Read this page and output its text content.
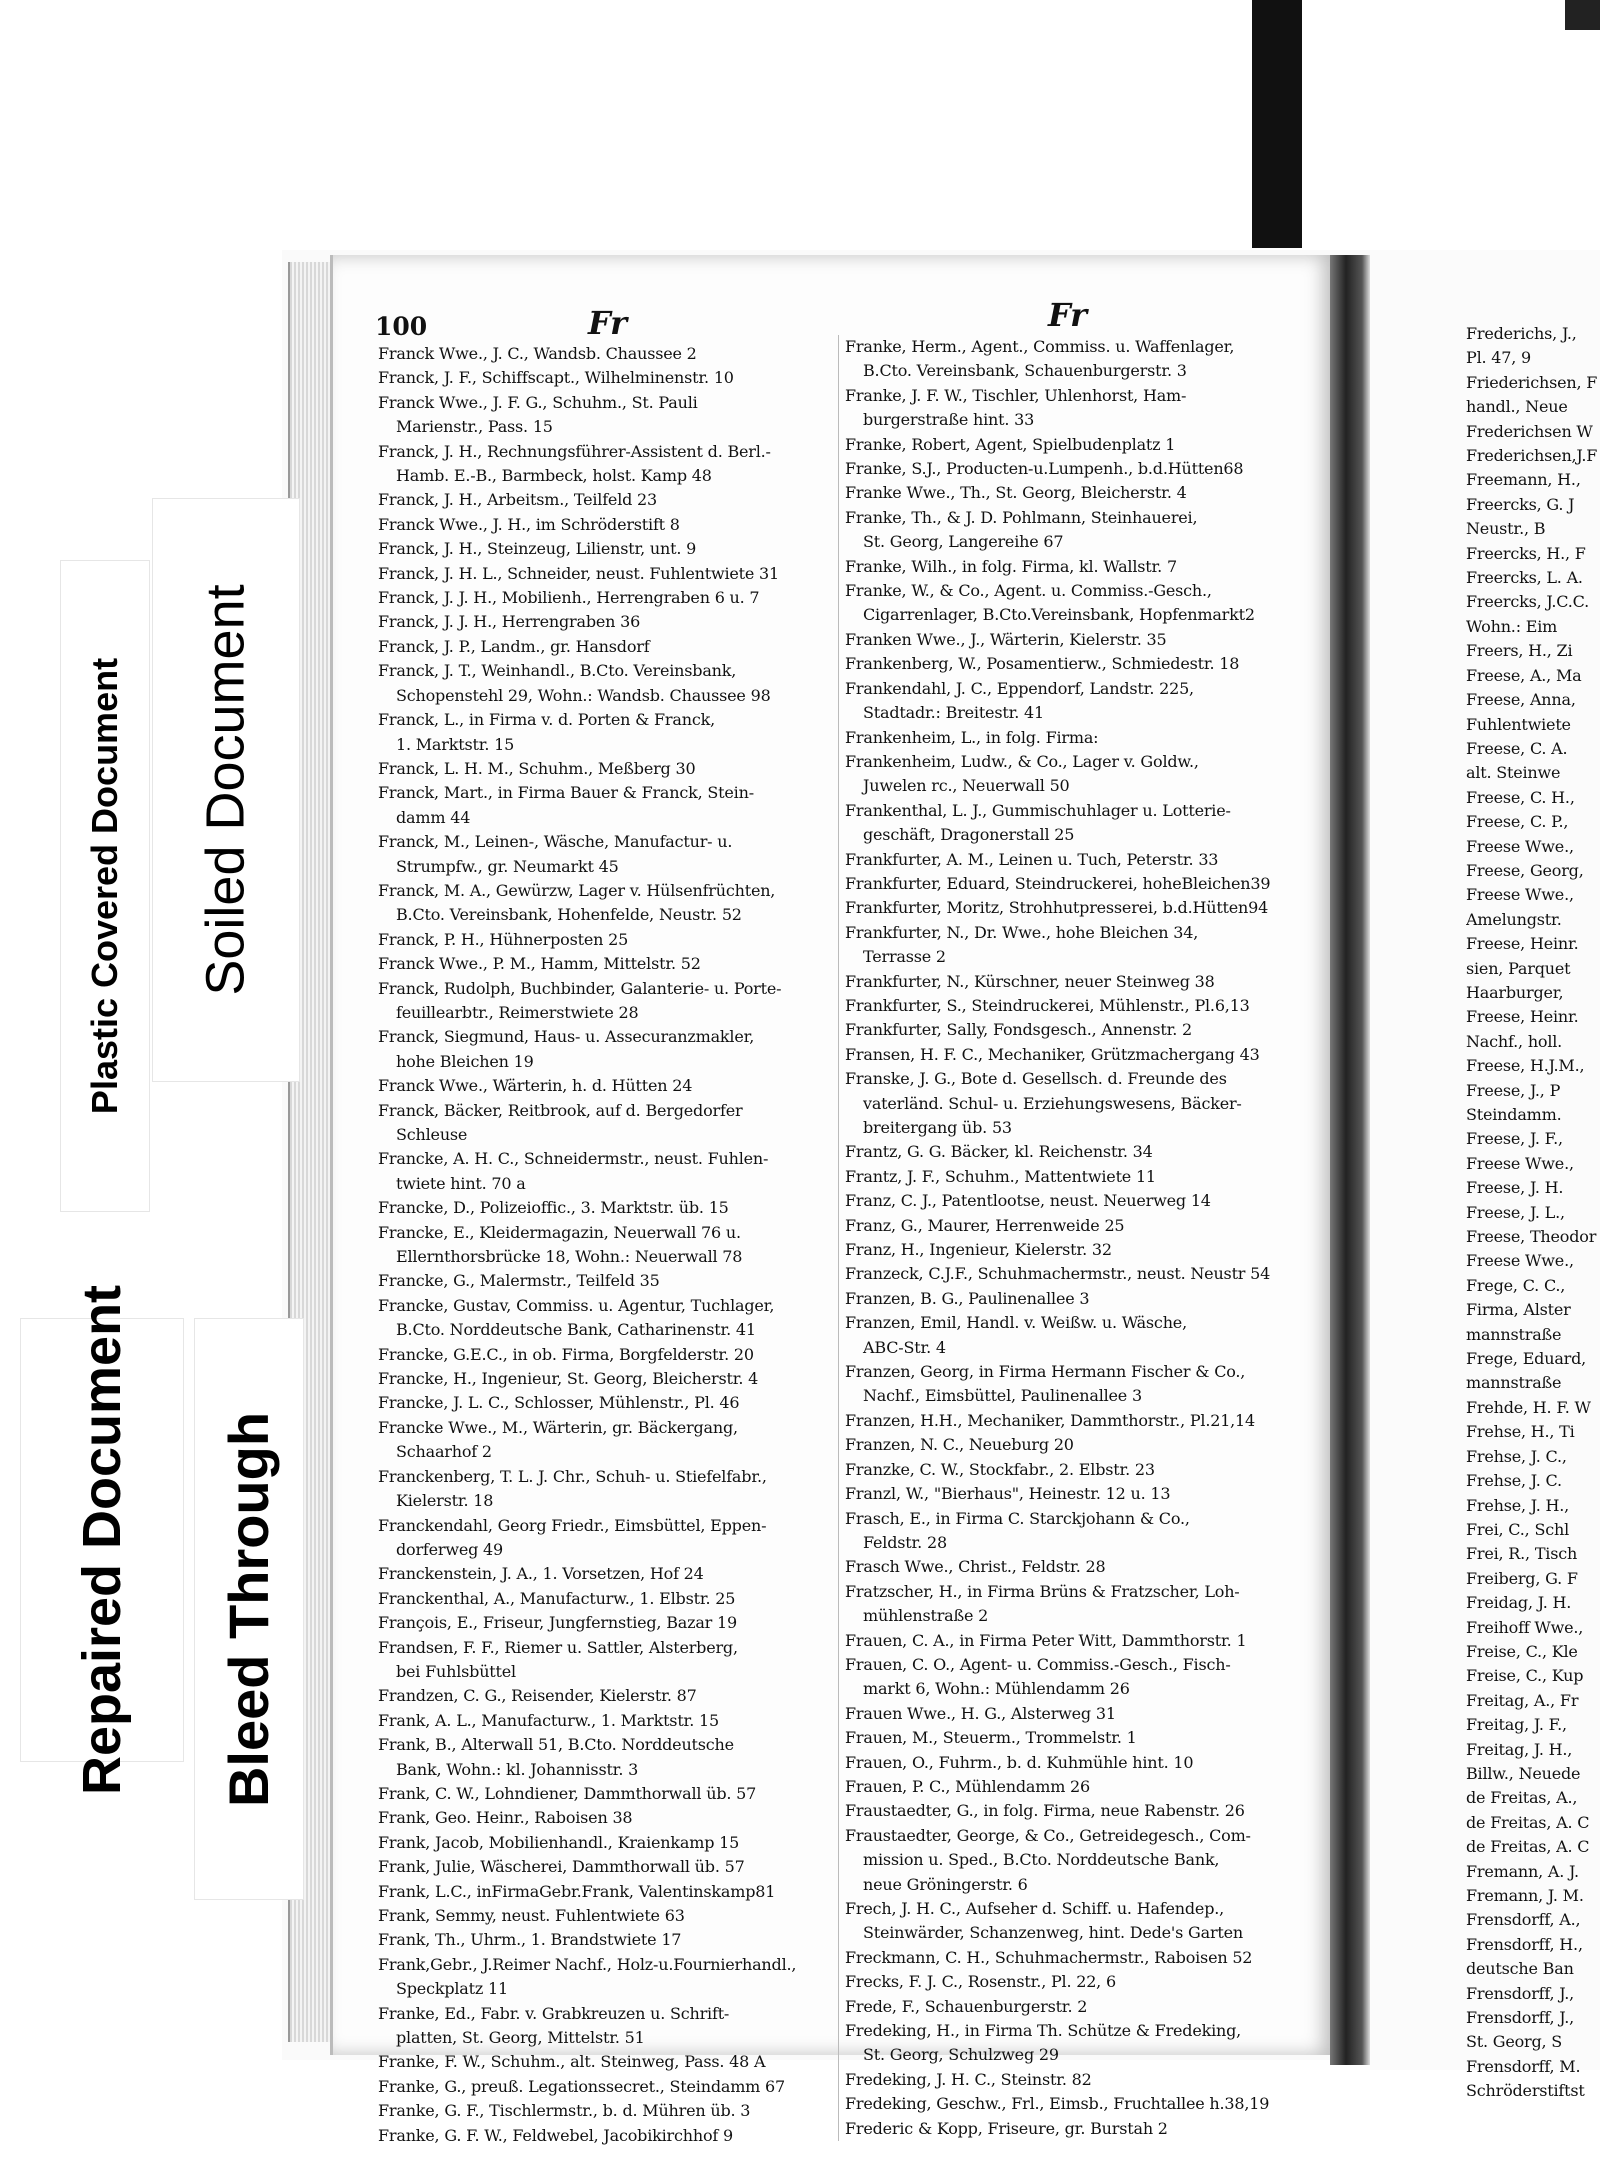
Plastic Covered Document Soiled Document
Repaired Document Bleed Through
100	Fr	Fr
Franck Wwe., J. C., Wandsb. Chaussee 2
Franck, J. F., Schiffscapt., Wilhelminenstr. 10
Franck Wwe., J. F. G., Schuhm., St. Pauli
Marienstr., Pass. 15
Franck, J. H., Rechnungsführer-Assistent d. Berl.-
Hamb. E.-B., Barmbeck, holst. Kamp 48
Franck, J. H., Arbeitsm., Teilfeld 23
Franck Wwe., J. H., im Schröderstift 8
Franck, J. H., Steinzeug, Lilienstr, unt. 9
Franck, J. H. L., Schneider, neust. Fuhlentwiete 31
Franck, J. J. H., Mobilienh., Herrengraben 6 u. 7
Franck, J. J. H., Herrengraben 36
Franck, J. P., Landm., gr. Hansdorf
Franck, J. T., Weinhandl., B.Cto. Vereinsbank,
Schopenstehl 29, Wohn.: Wandsb. Chaussee 98
Franck, L., in Firma v. d. Porten & Franck,
1. Marktstr. 15
Franck, L. H. M., Schuhm., Meßberg 30
Franck, Mart., in Firma Bauer & Franck, Stein-
damm 44
Franck, M., Leinen-, Wäsche, Manufactur- u.
Strumpfw., gr. Neumarkt 45
Franck, M. A., Gewürzw, Lager v. Hülsenfrüchten,
B.Cto. Vereinsbank, Hohenfelde, Neustr. 52
Franck, P. H., Hühnerposten 25
Franck Wwe., P. M., Hamm, Mittelstr. 52
Franck, Rudolph, Buchbinder, Galanterie- u. Porte-
feuillearbtr., Reimerstwiete 28
Franck, Siegmund, Haus- u. Assecuranzmakler,
hohe Bleichen 19
Franck Wwe., Wärterin, h. d. Hütten 24
Franck, Bäcker, Reitbrook, auf d. Bergedorfer
Schleuse
Francke, A. H. C., Schneidermstr., neust. Fuhlen-
twiete hint. 70 a
Francke, D., Polizeioffic., 3. Marktstr. üb. 15
Francke, E., Kleidermagazin, Neuerwall 76 u.
Ellernthorsbrücke 18, Wohn.: Neuerwall 78
Francke, G., Malermstr., Teilfeld 35
Francke, Gustav, Commiss. u. Agentur, Tuchlager,
B.Cto. Norddeutsche Bank, Catharinenstr. 41
Francke, G.E.C., in ob. Firma, Borgfelderstr. 20
Francke, H., Ingenieur, St. Georg, Bleicherstr. 4
Francke, J. L. C., Schlosser, Mühlenstr., Pl. 46
Francke Wwe., M., Wärterin, gr. Bäckergang,
Schaarhof 2
Franckenberg, T. L. J. Chr., Schuh- u. Stiefelfabr.,
Kielerstr. 18
Franckendahl, Georg Friedr., Eimsbüttel, Eppen-
dorferweg 49
Franckenstein, J. A., 1. Vorsetzen, Hof 24
Franckenthal, A., Manufacturw., 1. Elbstr. 25
François, E., Friseur, Jungfernstieg, Bazar 19
Frandsen, F. F., Riemer u. Sattler, Alsterberg,
bei Fuhlsbüttel
Frandzen, C. G., Reisender, Kielerstr. 87
Frank, A. L., Manufacturw., 1. Marktstr. 15
Frank, B., Alterwall 51, B.Cto. Norddeutsche
Bank, Wohn.: kl. Johannisstr. 3
Frank, C. W., Lohndiener, Dammthorwall üb. 57
Frank, Geo. Heinr., Raboisen 38
Frank, Jacob, Mobilienhandl., Kraienkamp 15
Frank, Julie, Wäscherei, Dammthorwall üb. 57
Frank, L.C., inFirmaGebr.Frank, Valentinskamp81
Frank, Semmy, neust. Fuhlentwiete 63
Frank, Th., Uhrm., 1. Brandstwiete 17
Frank,Gebr., J.Reimer Nachf., Holz-u.Fournierhandl.,
Speckplatz 11
Franke, Ed., Fabr. v. Grabkreuzen u. Schrift-
platten, St. Georg, Mittelstr. 51
Franke, F. W., Schuhm., alt. Steinweg, Pass. 48 A
Franke, G., preuß. Legationssecret., Steindamm 67
Franke, G. F., Tischlermstr., b. d. Mühren üb. 3
Franke, G. F. W., Feldwebel, Jacobikirchhof 9
Franke, Herm., Agent., Commiss. u. Waffenlager,
B.Cto. Vereinsbank, Schauenburgerstr. 3
Franke, J. F. W., Tischler, Uhlenhorst, Ham-
burgerstraße hint. 33
Franke, Robert, Agent, Spielbudenplatz 1
Franke, S.J., Producten-u.Lumpenh., b.d.Hütten68
Franke Wwe., Th., St. Georg, Bleicherstr. 4
Franke, Th., & J. D. Pohlmann, Steinhauerei,
St. Georg, Langereihe 67
Franke, Wilh., in folg. Firma, kl. Wallstr. 7
Franke, W., & Co., Agent. u. Commiss.-Gesch.,
Cigarrenlager, B.Cto.Vereinsbank, Hopfenmarkt2
Franken Wwe., J., Wärterin, Kielerstr. 35
Frankenberg, W., Posamentierw., Schmiedestr. 18
Frankendahl, J. C., Eppendorf, Landstr. 225,
Stadtadr.: Breitestr. 41
Frankenheim, L., in folg. Firma:
Frankenheim, Ludw., & Co., Lager v. Goldw.,
Juwelen rc., Neuerwall 50
Frankenthal, L. J., Gummischuhlager u. Lotterie-
geschäft, Dragonerstall 25
Frankfurter, A. M., Leinen u. Tuch, Peterstr. 33
Frankfurter, Eduard, Steindruckerei, hoheBleichen39
Frankfurter, Moritz, Strohhutpresserei, b.d.Hütten94
Frankfurter, N., Dr. Wwe., hohe Bleichen 34,
Terrasse 2
Frankfurter, N., Kürschner, neuer Steinweg 38
Frankfurter, S., Steindruckerei, Mühlenstr., Pl.6,13
Frankfurter, Sally, Fondsgesch., Annenstr. 2
Fransen, H. F. C., Mechaniker, Grützmachergang 43
Franske, J. G., Bote d. Gesellsch. d. Freunde des
vaterländ. Schul- u. Erziehungswesens, Bäcker-
breitergang üb. 53
Frantz, G. G. Bäcker, kl. Reichenstr. 34
Frantz, J. F., Schuhm., Mattentwiete 11
Franz, C. J., Patentlootse, neust. Neuerweg 14
Franz, G., Maurer, Herrenweide 25
Franz, H., Ingenieur, Kielerstr. 32
Franzeck, C.J.F., Schuhmachermstr., neust. Neustr 54
Franzen, B. G., Paulinenallee 3
Franzen, Emil, Handl. v. Weißw. u. Wäsche,
ABC-Str. 4
Franzen, Georg, in Firma Hermann Fischer & Co.,
Nachf., Eimsbüttel, Paulinenallee 3
Franzen, H.H., Mechaniker, Dammthorstr., Pl.21,14
Franzen, N. C., Neueburg 20
Franzke, C. W., Stockfabr., 2. Elbstr. 23
Franzl, W., "Bierhaus", Heinestr. 12 u. 13
Frasch, E., in Firma C. Starckjohann & Co.,
Feldstr. 28
Frasch Wwe., Christ., Feldstr. 28
Fratzscher, H., in Firma Brüns & Fratzscher, Loh-
mühlenstraße 2
Frauen, C. A., in Firma Peter Witt, Dammthorstr. 1
Frauen, C. O., Agent- u. Commiss.-Gesch., Fisch-
markt 6, Wohn.: Mühlendamm 26
Frauen Wwe., H. G., Alsterweg 31
Frauen, M., Steuerm., Trommelstr. 1
Frauen, O., Fuhrm., b. d. Kuhmühle hint. 10
Frauen, P. C., Mühlendamm 26
Fraustaedter, G., in folg. Firma, neue Rabenstr. 26
Fraustaedter, George, & Co., Getreidegesch., Com-
mission u. Sped., B.Cto. Norddeutsche Bank,
neue Gröningerstr. 6
Frech, J. H. C., Aufseher d. Schiff. u. Hafendep.,
Steinwärder, Schanzenweg, hint. Dede's Garten
Freckmann, C. H., Schuhmachermstr., Raboisen 52
Frecks, F. J. C., Rosenstr., Pl. 22, 6
Frede, F., Schauenburgerstr. 2
Fredeking, H., in Firma Th. Schütze & Fredeking,
St. Georg, Schulzweg 29
Fredeking, J. H. C., Steinstr. 82
Fredeking, Geschw., Frl., Eimsb., Fruchtallee h.38,19
Frederic & Kopp, Friseure, gr. Burstah 2
Frederichs, J.,
Pl. 47, 9
Friederichsen, F
handl., Neue
Frederichsen W
Frederichsen,J.F
Freemann, H.,
Freercks, G. J
Neustr., B
Freercks, H., F
Freercks, L. A.
Freercks, J.C.C.
Wohn.: Eim
Freers, H., Zi
Freese, A., Ma
Freese, Anna,
Fuhlentwiete
Freese, C. A.
alt. Steinwe
Freese, C. H.,
Freese, C. P.,
Freese Wwe.,
Freese, Georg,
Freese Wwe.,
Amelungstr.
Freese, Heinr.
sien, Parquet
Haarburger,
Freese, Heinr.
Nachf., holl.
Freese, H.J.M.,
Freese, J., P
Steindamm.
Freese, J. F.,
Freese Wwe.,
Freese, J. H.
Freese, J. L.,
Freese, Theodor
Freese Wwe.,
Frege, C. C.,
Firma, Alster
mannstraße
Frege, Eduard,
mannstraße
Frehde, H. F. W
Frehse, H., Ti
Frehse, J. C.,
Frehse, J. C.
Frehse, J. H.,
Frei, C., Schl
Frei, R., Tisch
Freiberg, G. F
Freidag, J. H.
Freihoff Wwe.,
Freise, C., Kle
Freise, C., Kup
Freitag, A., Fr
Freitag, J. F.,
Freitag, J. H.,
Billw., Neuede
de Freitas, A.,
de Freitas, A. C
de Freitas, A. C
Fremann, A. J.
Fremann, J. M.
Frensdorff, A.,
Frensdorff, H.,
deutsche Ban
Frensdorff, J.,
Frensdorff, J.,
St. Georg, S
Frensdorff, M.
Schröderstiftst
